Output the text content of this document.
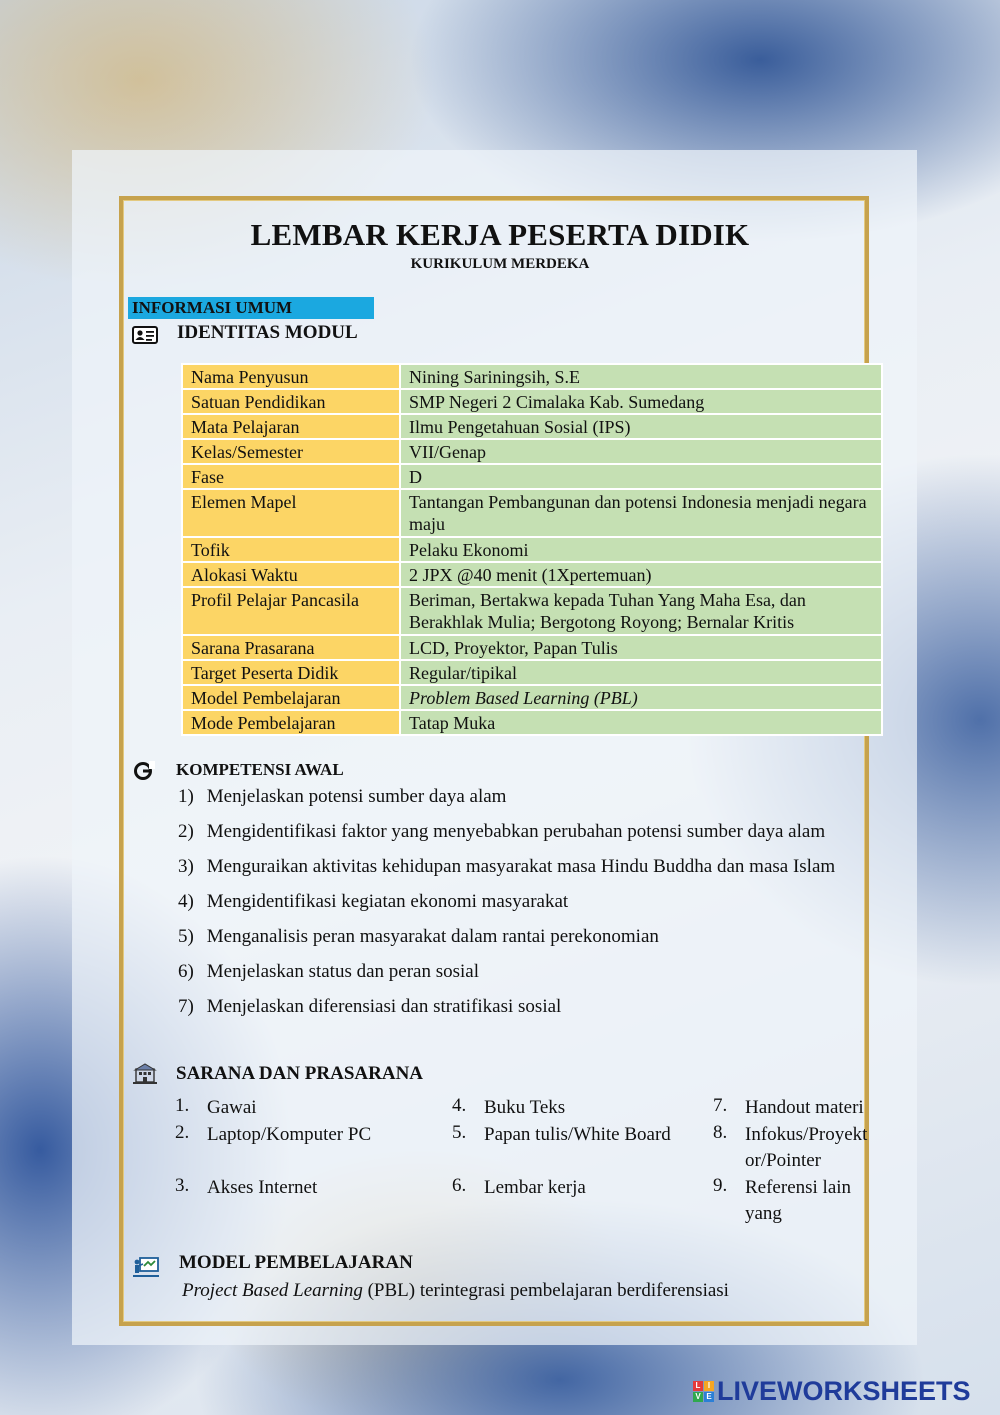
LEMBAR KERJA PESERTA DIDIK
KURIKULUM MERDEKA
INFORMASI UMUM
IDENTITAS MODUL
Nama Penyusun	Nining Sariningsih, S.E
Satuan Pendidikan	SMP Negeri 2 Cimalaka Kab. Sumedang
Mata Pelajaran	Ilmu Pengetahuan Sosial (IPS)
Kelas/Semester	VII/Genap
Fase	D
Elemen Mapel	Tantangan Pembangunan dan potensi Indonesia menjadi negara maju
Tofik	Pelaku Ekonomi
Alokasi Waktu	2 JPX @40 menit (1Xpertemuan)
Profil Pelajar Pancasila	Beriman, Bertakwa kepada Tuhan Yang Maha Esa, dan Berakhlak Mulia; Bergotong Royong; Bernalar Kritis
Sarana Prasarana	LCD, Proyektor, Papan Tulis
Target Peserta Didik	Regular/tipikal
Model Pembelajaran	Problem Based Learning (PBL)
Mode Pembelajaran	Tatap Muka
KOMPETENSI AWAL
1) Menjelaskan potensi sumber daya alam
2) Mengidentifikasi faktor yang menyebabkan perubahan potensi sumber daya alam
3) Menguraikan aktivitas kehidupan masyarakat masa Hindu Buddha dan masa Islam
4) Mengidentifikasi kegiatan ekonomi masyarakat
5) Menganalisis peran masyarakat dalam rantai perekonomian
6) Menjelaskan status dan peran sosial
7) Menjelaskan diferensiasi dan stratifikasi sosial
SARANA DAN PRASARANA
1. Gawai
2. Laptop/Komputer PC
3. Akses Internet
4. Buku Teks
5. Papan tulis/White Board
6. Lembar kerja
7. Handout materi
8. Infokus/Proyektor/Pointer
9. Referensi lain yang
MODEL PEMBELAJARAN
Project Based Learning (PBL) terintegrasi pembelajaran berdiferensiasi
L I
V E LIVEWORKSHEETS
